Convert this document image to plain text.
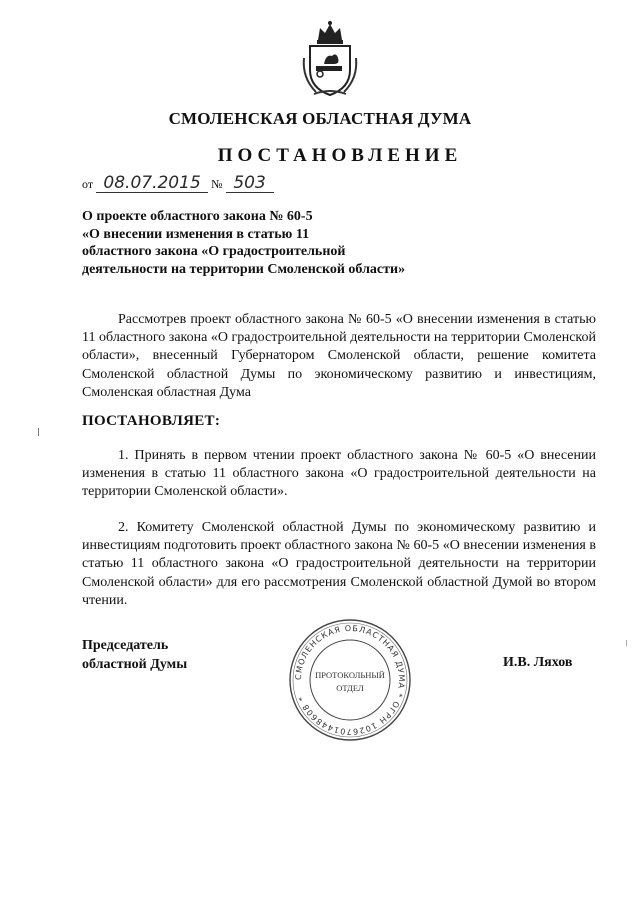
СМОЛЕНСКАЯ ОБЛАСТНАЯ ДУМА
ПОСТАНОВЛЕНИЕ
от 08.07.2015 № 503
О проекте областного закона № 60-5
«О внесении изменения в статью 11
областного закона «О градостроительной
деятельности на территории Смоленской области»
Рассмотрев проект областного закона № 60-5 «О внесении изменения в статью 11 областного закона «О градостроительной деятельности на территории Смоленской области», внесенный Губернатором Смоленской области, решение комитета Смоленской областной Думы по экономическому развитию и инвестициям, Смоленская областная Дума
ПОСТАНОВЛЯЕТ:
1. Принять в первом чтении проект областного закона № 60-5 «О внесении изменения в статью 11 областного закона «О градостроительной деятельности на территории Смоленской области».
2. Комитету Смоленской областной Думы по экономическому развитию и инвестициям подготовить проект областного закона № 60-5 «О внесении изменения в статью 11 областного закона «О градостроительной деятельности на территории Смоленской области» для его рассмотрения Смоленской областной Думой во втором чтении.
Председатель
областной Думы
СМОЛЕНСКАЯ ОБЛАСТНАЯ ДУМА * ОГРН 1026701448608 *
ПРОТОКОЛЬНЫЙ
ОТДЕЛ
И.В. Ляхов
